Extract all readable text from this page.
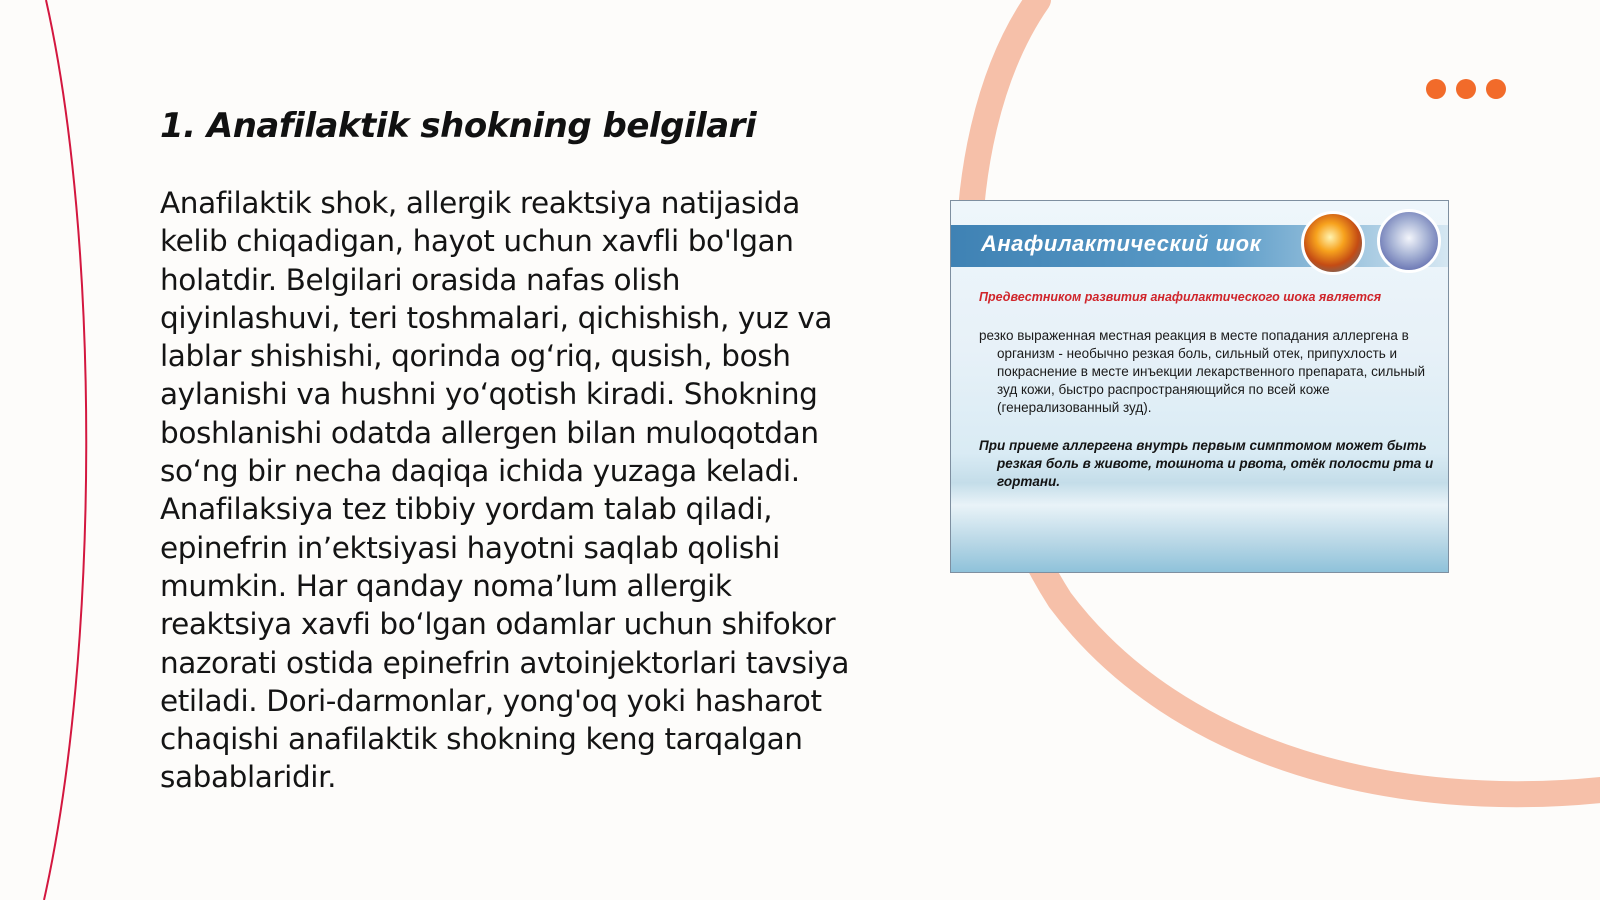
1. Anafilaktik shokning belgilari

Anafilaktik shok, allergik reaktsiya natijasida kelib chiqadigan, hayot uchun xavfli bo'lgan holatdir. Belgilari orasida nafas olish qiyinlashuvi, teri toshmalari, qichishish, yuz va lablar shishishi, qorinda og‘riq, qusish, bosh aylanishi va hushni yo‘qotish kiradi. Shokning boshlanishi odatda allergen bilan muloqotdan so‘ng bir necha daqiqa ichida yuzaga keladi. Anafilaksiya tez tibbiy yordam talab qiladi, epinefrin in’ektsiyasi hayotni saqlab qolishi mumkin. Har qanday noma’lum allergik reaktsiya xavfi bo‘lgan odamlar uchun shifokor nazorati ostida epinefrin avtoinjektorlari tavsiya etiladi. Dori-darmonlar, yong'oq yoki hasharot chaqishi anafilaktik shokning keng tarqalgan sabablaridir.

Анафилактический шок

Предвестником развития анафилактического шока является

резко выраженная местная реакция в месте попадания аллергена в организм - необычно резкая боль, сильный отек, припухлость и покраснение в месте инъекции лекарственного препарата, сильный зуд кожи, быстро распространяющийся по всей коже (генерализованный зуд).

При приеме аллергена внутрь первым симптомом может быть резкая боль в животе, тошнота и рвота, отёк полости рта и гортани.
